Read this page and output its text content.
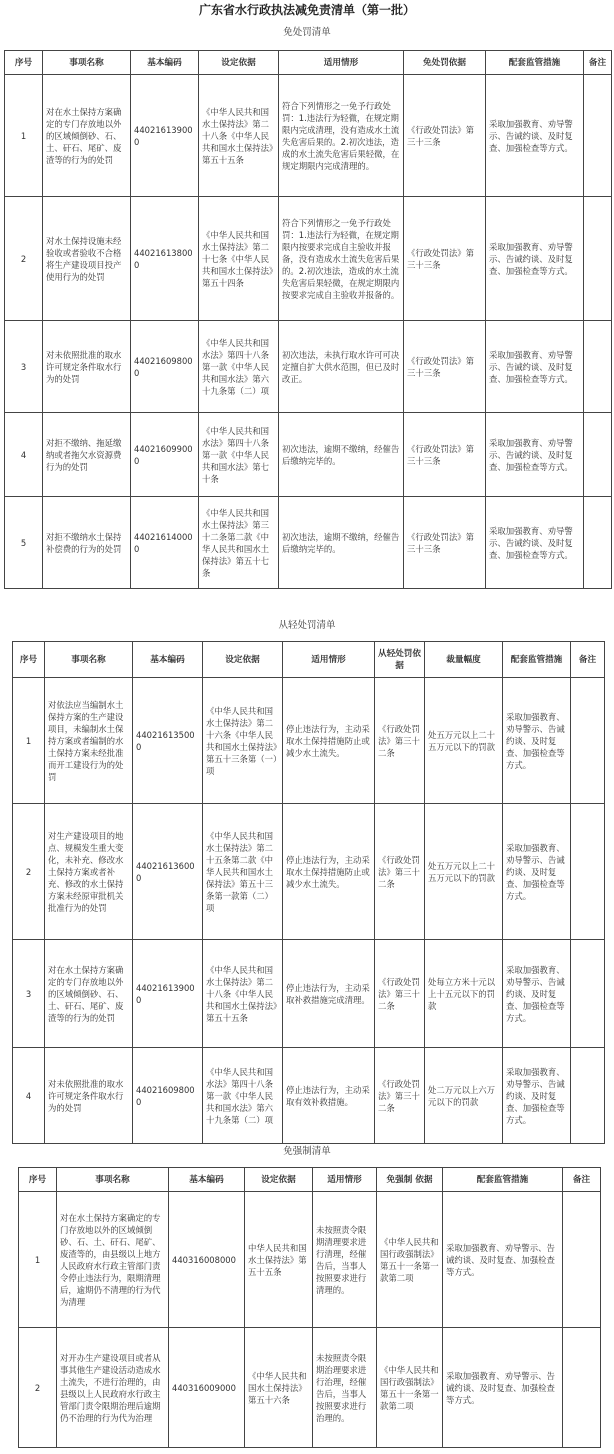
广东省水行政执法减免责清单（第一批）
免处罚清单
序号	事项名称	基本编码	设定依据	适用情形	免处罚依据	配套监管措施	备注
1	对在水土保持方案确定的专门存放地以外的区域倾倒砂、石、土、矸石、尾矿、废渣等的行为的处罚	440216139000	《中华人民共和国水土保持法》第二十八条《中华人民共和国水土保持法》第五十五条	符合下列情形之一免予行政处罚：1.违法行为轻微，在规定期限内完成清理，没有造成水土流失危害后果的。2.初次违法，造成的水土流失危害后果轻微，在规定期限内完成清理的。	《行政处罚法》第三十三条	采取加强教育、劝导警示、告诫约谈、及时复查、加强检查等方式。	
2	对水土保持设施未经验收或者验收不合格将生产建设项目投产使用行为的处罚	440216138000	《中华人民共和国水土保持法》第二十七条《中华人民共和国水土保持法》第五十四条	符合下列情形之一免予行政处罚：1.违法行为轻微，在规定期限内按要求完成自主验收并报备，没有造成水土流失危害后果的。2.初次违法，造成的水土流失危害后果轻微，在规定期限内按要求完成自主验收并报备的。	《行政处罚法》第三十三条	采取加强教育、劝导警示、告诫约谈、及时复查、加强检查等方式。	
3	对未依照批准的取水许可规定条件取水行为的处罚	440216098000	《中华人民共和国水法》第四十八条第一款《中华人民共和国水法》第六十九条第（二）项	初次违法，未执行取水许可可决定擅自扩大供水范围，但已及时改正。	《行政处罚法》第三十三条	采取加强教育、劝导警示、告诫约谈、及时复查、加强检查等方式。	
4	对拒不缴纳、拖延缴纳或者拖欠水资源费行为的处罚	440216099000	《中华人民共和国水法》第四十八条第一款《中华人民共和国水法》第七十条	初次违法，逾期不缴纳，经催告后缴纳完毕的。	《行政处罚法》第三十三条	采取加强教育、劝导警示、告诫约谈、及时复查、加强检查等方式。	
5	对拒不缴纳水土保持补偿费的行为的处罚	440216140000	《中华人民共和国水土保持法》第三十二条第二款《中华人民共和国水土保持法》第五十七条	初次违法，逾期不缴纳，经催告后缴纳完毕的。	《行政处罚法》第三十三条	采取加强教育、劝导警示、告诫约谈、及时复查、加强检查等方式。	
从轻处罚清单
序号	事项名称	基本编码	设定依据	适用情形	从轻处罚依据	裁量幅度	配套监管措施	备注
1	对依法应当编制水土保持方案的生产建设项目，未编制水土保持方案或者编制的水土保持方案未经批准而开工建设行为的处罚	440216135000	《中华人民共和国水土保持法》第二十六条《中华人民共和国水土保持法》第五十三条第（一）项	停止违法行为，主动采取水土保持措施防止或减少水土流失。	《行政处罚法》第三十二条	处五万元以上二十五万元以下的罚款	采取加强教育、劝导警示、告诫约谈、及时复查、加强检查等方式。	
2	对生产建设项目的地点、规模发生重大变化，未补充、修改水土保持方案或者补充、修改的水土保持方案未经原审批机关批准行为的处罚	440216136000	《中华人民共和国水土保持法》第二十五条第二款《中华人民共和国水土保持法》第五十三条第一款第（二）项	停止违法行为，主动采取水土保持措施防止或减少水土流失。	《行政处罚法》第三十二条	处五万元以上二十五万元以下的罚款	采取加强教育、劝导警示、告诫约谈、及时复查、加强检查等方式。	
3	对在水土保持方案确定的专门存放地以外的区域倾倒砂、石、土、矸石、尾矿、废渣等的行为的处罚	440216139000	《中华人民共和国水土保持法》第二十八条《中华人民共和国水土保持法》第五十五条	停止违法行为，主动采取补救措施完成清理。	《行政处罚法》第三十二条	处每立方米十元以上十五元以下的罚款	采取加强教育、劝导警示、告诫约谈、及时复查、加强检查等方式。	
4	对未依照批准的取水许可规定条件取水行为的处罚	440216098000	《中华人民共和国水法》第四十八条第一款《中华人民共和国水法》第六十九条第（二）项	停止违法行为，主动采取有效补救措施。	《行政处罚法》第三十二条	处二万元以上六万元以下的罚款	采取加强教育、劝导警示、告诫约谈、及时复查、加强检查等方式。	
免强制清单
序号	事项名称	基本编码	设定依据	适用情形	免强制 依据	配套监管措施	备注
1	对在水土保持方案确定的专门存放地以外的区域倾倒砂、石、土、矸石、尾矿、废渣等的，由县级以上地方人民政府水行政主管部门责令停止违法行为，限期清理后，逾期仍不清理的行为代为清理	440316008000	中华人民共和国水土保持法》第五十五条	未按照责令限期清理要求进行清理，经催告后，当事人按照要求进行清理的。	《中华人民共和国行政强制法》第五十一条第一款第二项	采取加强教育、劝导警示、告诫约谈、及时复查、加强检查等方式。	
2	对开办生产建设项目或者从事其他生产建设活动造成水土流失，不进行治理的，由县级以上人民政府水行政主管部门责令限期治理后逾期仍不治理的行为代为治理	440316009000	《中华人民共和国水土保持法》第五十六条	未按照责令限期治理要求进行治理，经催告后，当事人按照要求进行治理的。	《中华人民共和国行政强制法》第五十一条第一款第二项	采取加强教育、劝导警示、告诫约谈、及时复查、加强检查等方式。	
